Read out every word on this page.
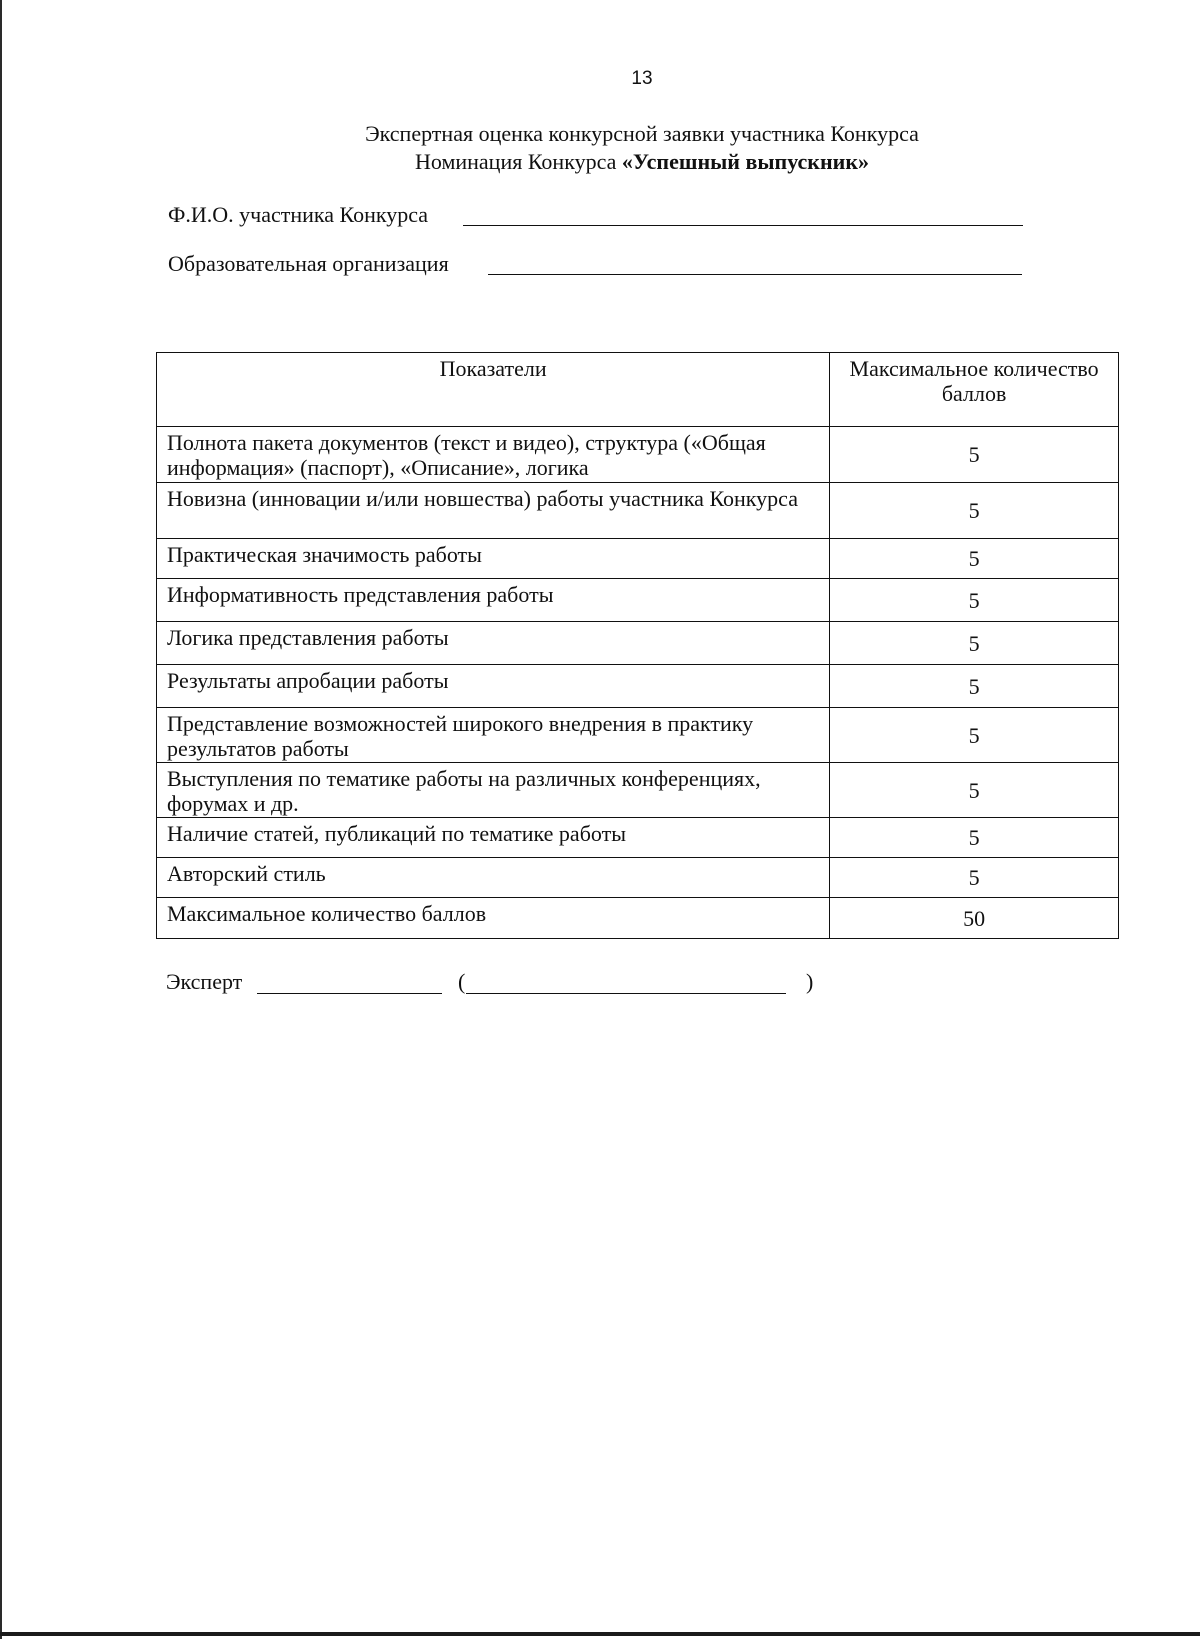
13
Экспертная оценка конкурсной заявки участника Конкурса
Номинация Конкурса «Успешный выпускник»
Ф.И.О. участника Конкурса
Образовательная организация
Показатели	Максимальное количество баллов
Полнота пакета документов (текст и видео), структура («Общая информация» (паспорт), «Описание», логика	5
Новизна (инновации и/или новшества) работы участника Конкурса	5
Практическая значимость работы	5
Информативность представления работы	5
Логика представления работы	5
Результаты апробации работы	5
Представление возможностей широкого внедрения в практику результатов работы	5
Выступления по тематике работы на различных конференциях, форумах и др.	5
Наличие статей, публикаций по тематике работы	5
Авторский стиль	5
Максимальное количество баллов	50
Эксперт	(	)
